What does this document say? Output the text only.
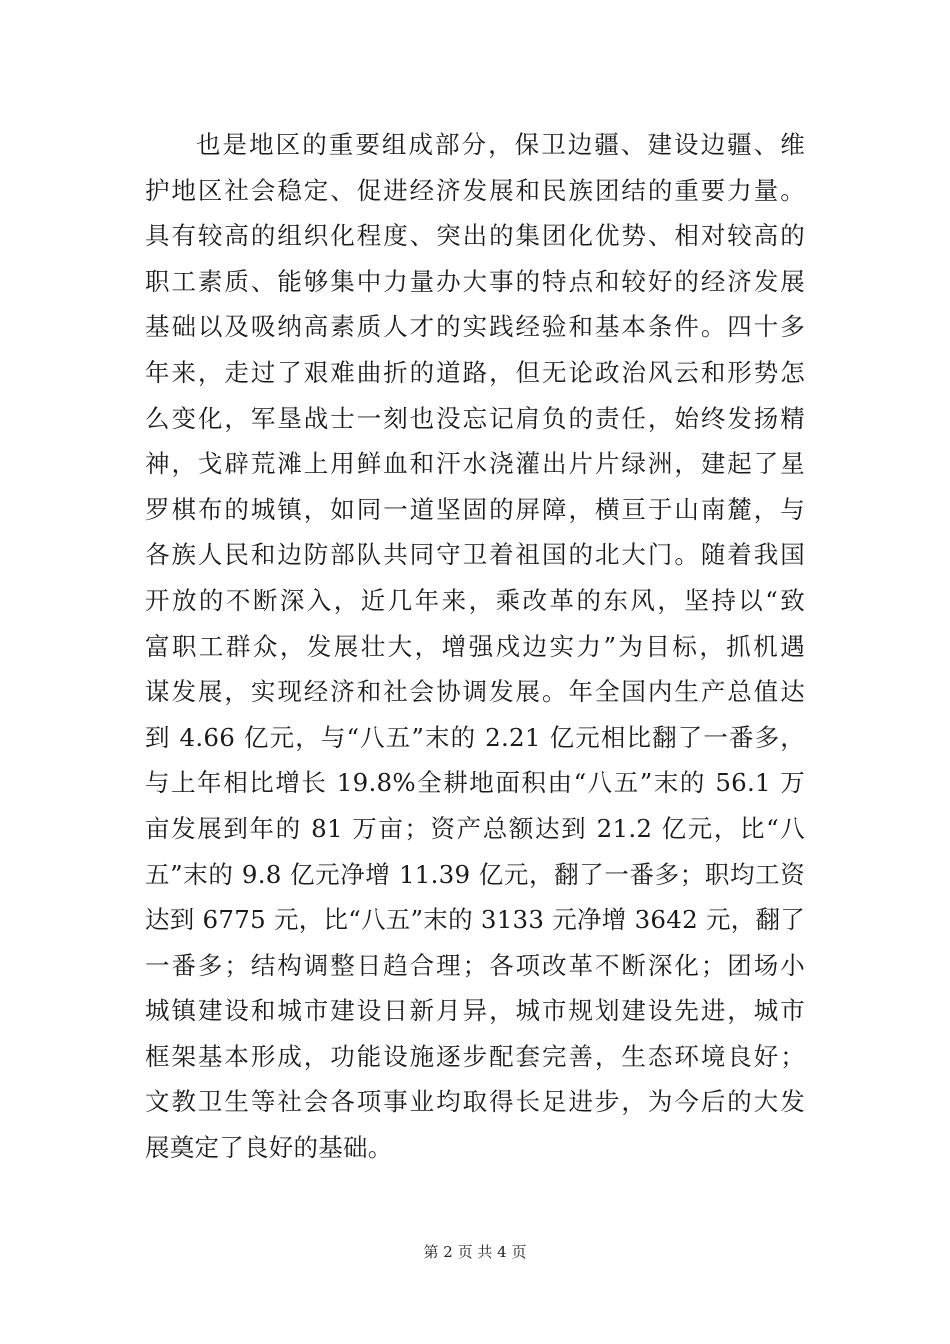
也是地区的重要组成部分，保卫边疆、建设边疆、维
护地区社会稳定、促进经济发展和民族团结的重要力量。
具有较高的组织化程度、突出的集团化优势、相对较高的
职工素质、能够集中力量办大事的特点和较好的经济发展
基础以及吸纳高素质人才的实践经验和基本条件。四十多
年来，走过了艰难曲折的道路，但无论政治风云和形势怎
么变化，军垦战士一刻也没忘记肩负的责任，始终发扬精
神，戈辟荒滩上用鲜血和汗水浇灌出片片绿洲，建起了星
罗棋布的城镇，如同一道坚固的屏障，横亘于山南麓，与
各族人民和边防部队共同守卫着祖国的北大门。随着我国
开放的不断深入，近几年来，乘改革的东风，坚持以“致
富职工群众，发展壮大，增强戍边实力”为目标，抓机遇
谋发展，实现经济和社会协调发展。年全国内生产总值达
到 4.66 亿元，与“八五”末的 2.21 亿元相比翻了一番多，
与上年相比增长 19.8%全耕地面积由“八五”末的 56.1 万
亩发展到年的 81 万亩；资产总额达到 21.2 亿元，比“八
五”末的 9.8 亿元净增 11.39 亿元，翻了一番多；职均工资
达到 6775 元，比“八五”末的 3133 元净增 3642 元，翻了
一番多；结构调整日趋合理；各项改革不断深化；团场小
城镇建设和城市建设日新月异，城市规划建设先进，城市
框架基本形成，功能设施逐步配套完善，生态环境良好；
文教卫生等社会各项事业均取得长足进步，为今后的大发
展奠定了良好的基础。
第 2 页 共 4 页
